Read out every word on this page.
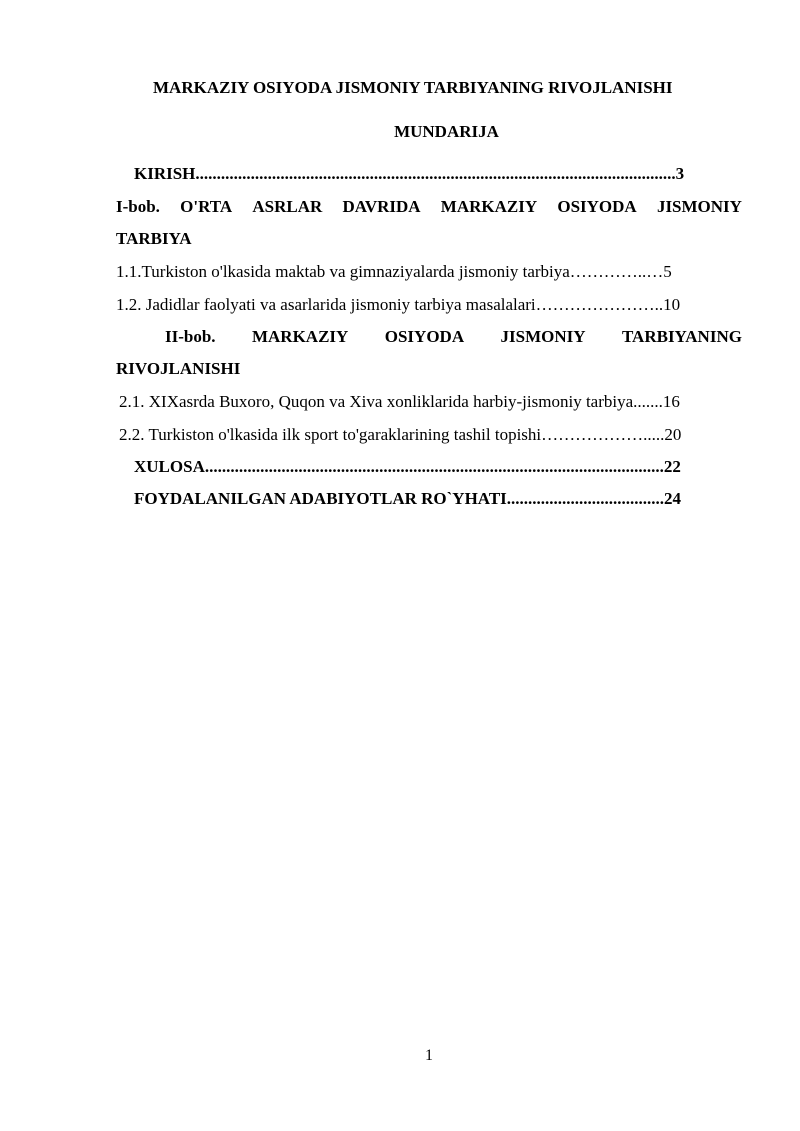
MARKAZIY OSIYODA JISMONIY TARBIYANING RIVOJLANISHI
MUNDARIJA
KIRISH.................................................................................................................3
I-bob. O'RTA ASRLAR DAVRIDA MARKAZIY OSIYODA JISMONIY
TARBIYA
1.1.Turkiston o'lkasida maktab va gimnaziyalarda jismoniy tarbiya…………..…5
1.2. Jadidlar faolyati va asarlarida jismoniy tarbiya masalalari…………………..10
II-bob. MARKAZIY OSIYODA JISMONIY TARBIYANING
RIVOJLANISHI
2.1. XIXasrda Buxoro, Quqon va Xiva xonliklarida harbiy-jismoniy tarbiya.......16
2.2. Turkiston o'lkasida ilk sport to'garaklarining tashil topishi……………….....20
XULOSA............................................................................................................22
FOYDALANILGAN ADABIYOTLAR RO`YHATI.....................................24
1
